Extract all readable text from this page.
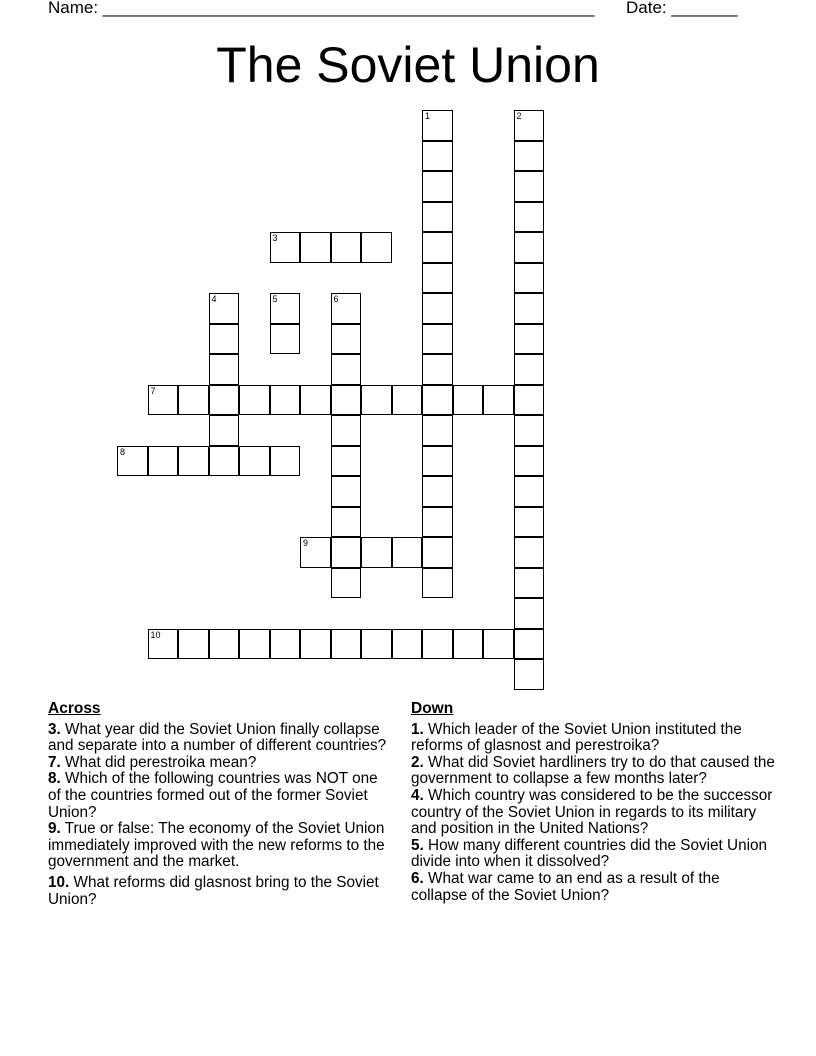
Name: ____________________________________________________ Date: _______
The Soviet Union
1	2
3
4	5	6
7
8
9
10
Across
3. What year did the Soviet Union finally collapse and separate into a number of different countries?
7. What did perestroika mean?
8. Which of the following countries was NOT one of the countries formed out of the former Soviet Union?
9. True or false: The economy of the Soviet Union immediately improved with the new reforms to the government and the market.
10. What reforms did glasnost bring to the Soviet Union?
Down
1. Which leader of the Soviet Union instituted the reforms of glasnost and perestroika?
2. What did Soviet hardliners try to do that caused the government to collapse a few months later?
4. Which country was considered to be the successor country of the Soviet Union in regards to its military and position in the United Nations?
5. How many different countries did the Soviet Union divide into when it dissolved?
6. What war came to an end as a result of the collapse of the Soviet Union?
